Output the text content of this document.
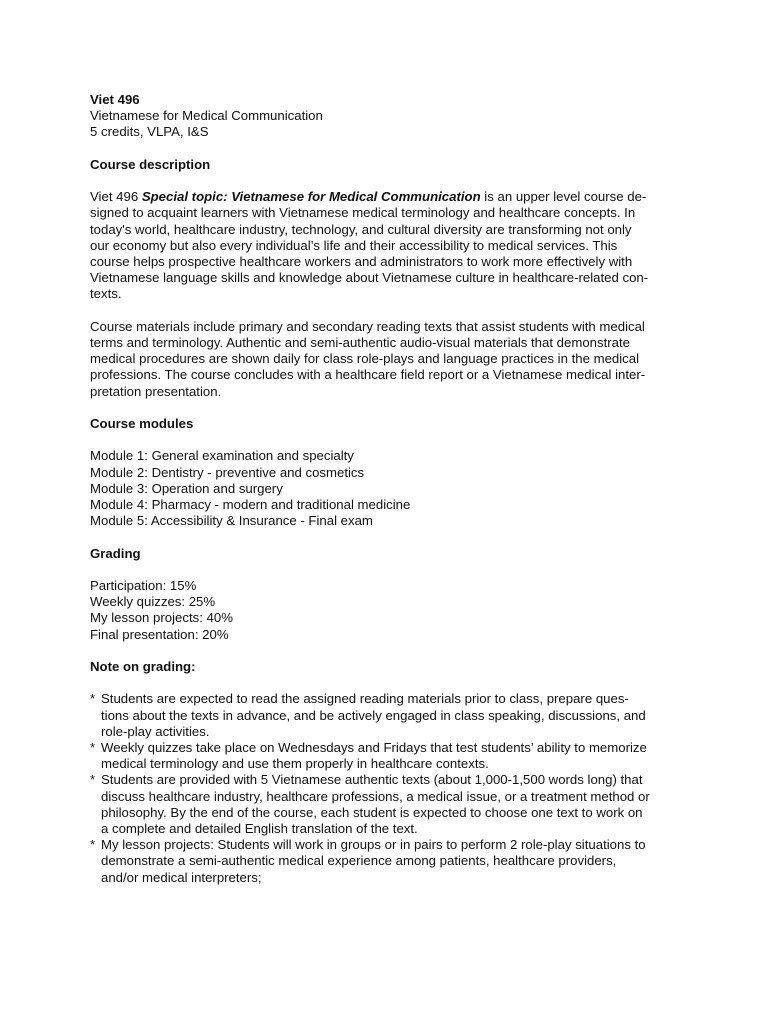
Viet 496
Vietnamese for Medical Communication
5 credits, VLPA, I&S
Course description
Viet 496 Special topic: Vietnamese for Medical Communication is an upper level course de-
signed to acquaint learners with Vietnamese medical terminology and healthcare concepts. In
today's world, healthcare industry, technology, and cultural diversity are transforming not only
our economy but also every individual’s life and their accessibility to medical services. This
course helps prospective healthcare workers and administrators to work more effectively with
Vietnamese language skills and knowledge about Vietnamese culture in healthcare-related con-
texts.
Course materials include primary and secondary reading texts that assist students with medical
terms and terminology. Authentic and semi-authentic audio-visual materials that demonstrate
medical procedures are shown daily for class role-plays and language practices in the medical
professions. The course concludes with a healthcare field report or a Vietnamese medical inter-
pretation presentation.
Course modules
Module 1: General examination and specialty
Module 2: Dentistry - preventive and cosmetics
Module 3: Operation and surgery
Module 4: Pharmacy - modern and traditional medicine
Module 5: Accessibility & Insurance - Final exam
Grading
Participation: 15%
Weekly quizzes: 25%
My lesson projects: 40%
Final presentation: 20%
Note on grading:
* Students are expected to read the assigned reading materials prior to class, prepare ques-
tions about the texts in advance, and be actively engaged in class speaking, discussions, and
role-play activities.
* Weekly quizzes take place on Wednesdays and Fridays that test students’ ability to memorize
medical terminology and use them properly in healthcare contexts.
* Students are provided with 5 Vietnamese authentic texts (about 1,000-1,500 words long) that
discuss healthcare industry, healthcare professions, a medical issue, or a treatment method or
philosophy. By the end of the course, each student is expected to choose one text to work on
a complete and detailed English translation of the text.
* My lesson projects: Students will work in groups or in pairs to perform 2 role-play situations to
demonstrate a semi-authentic medical experience among patients, healthcare providers,
and/or medical interpreters;
